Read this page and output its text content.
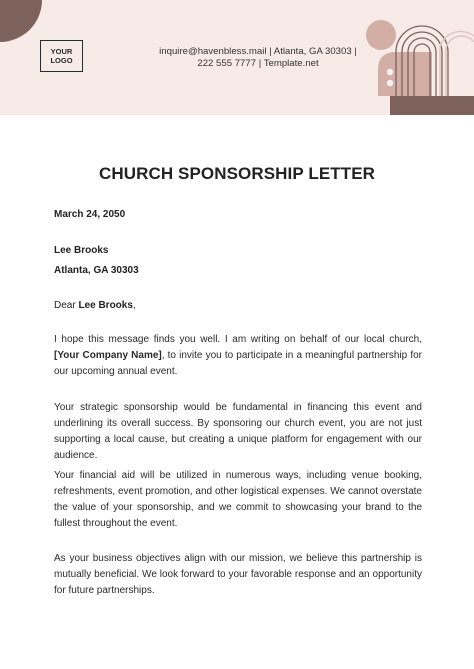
YOUR
LOGO
inquire@havenbless.mail | Atlanta, GA 30303 |
222 555 7777 | Template.net
CHURCH SPONSORSHIP LETTER
March 24, 2050
Lee Brooks
Atlanta, GA 30303
Dear Lee Brooks,
I hope this message finds you well. I am writing on behalf of our local church, [Your Company Name], to invite you to participate in a meaningful partnership for our upcoming annual event.
Your strategic sponsorship would be fundamental in financing this event and underlining its overall success. By sponsoring our church event, you are not just supporting a local cause, but creating a unique platform for engagement with our audience.
Your financial aid will be utilized in numerous ways, including venue booking, refreshments, event promotion, and other logistical expenses. We cannot overstate the value of your sponsorship, and we commit to showcasing your brand to the fullest throughout the event.
As your business objectives align with our mission, we believe this partnership is mutually beneficial. We look forward to your favorable response and an opportunity for future partnerships.
